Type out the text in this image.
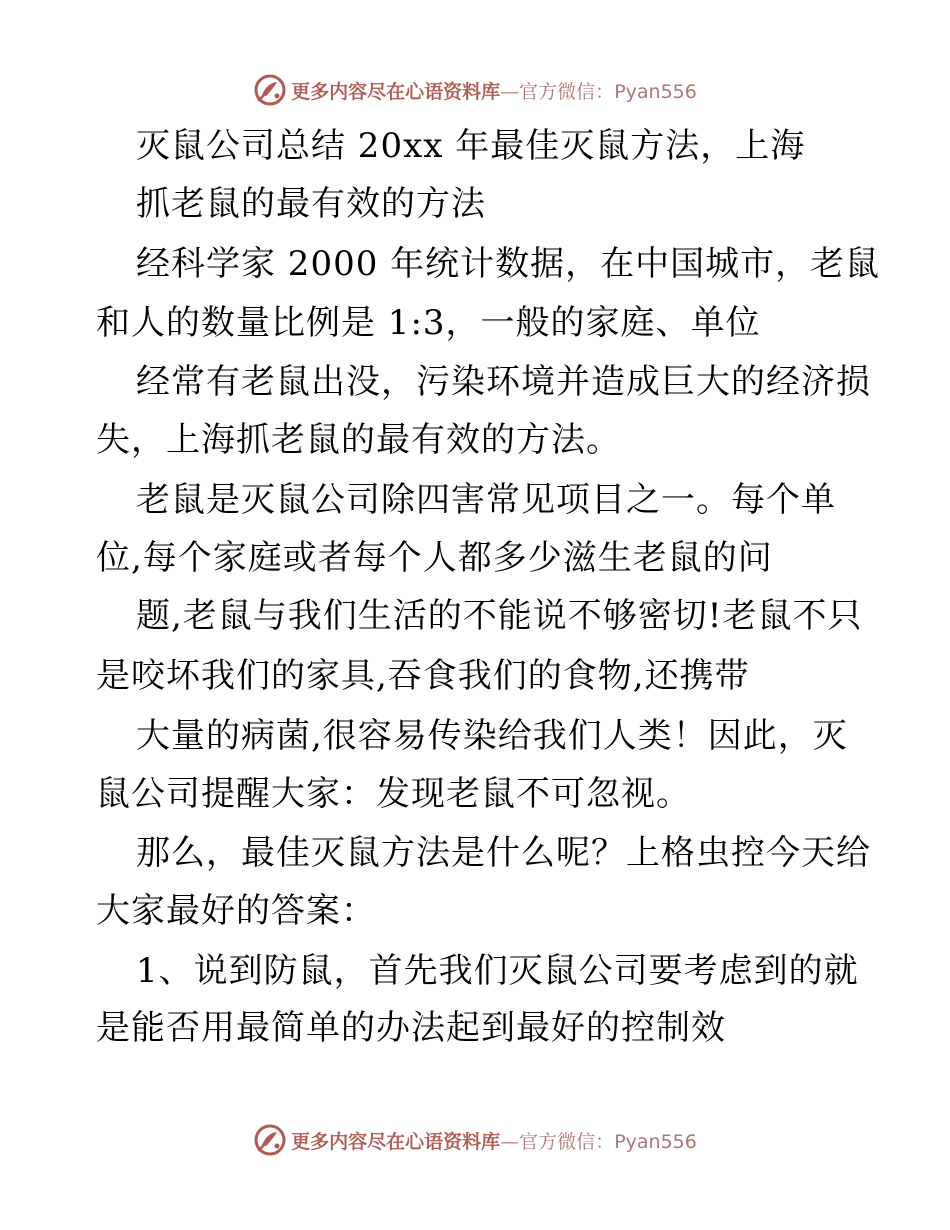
更多内容尽在心语资料库—官方微信：Pyan556
灭鼠公司总结 20xx 年最佳灭鼠方法，上海
抓老鼠的最有效的方法
经科学家 2000 年统计数据，在中国城市，老鼠
和人的数量比例是 1:3，一般的家庭、单位
经常有老鼠出没，污染环境并造成巨大的经济损
失，上海抓老鼠的最有效的方法。
老鼠是灭鼠公司除四害常见项目之一。每个单
位,每个家庭或者每个人都多少滋生老鼠的问
题,老鼠与我们生活的不能说不够密切!老鼠不只
是咬坏我们的家具,吞食我们的食物,还携带
大量的病菌,很容易传染给我们人类！因此，灭
鼠公司提醒大家：发现老鼠不可忽视。
那么，最佳灭鼠方法是什么呢？上格虫控今天给
大家最好的答案：
1、说到防鼠，首先我们灭鼠公司要考虑到的就
是能否用最简单的办法起到最好的控制效
更多内容尽在心语资料库—官方微信：Pyan556
